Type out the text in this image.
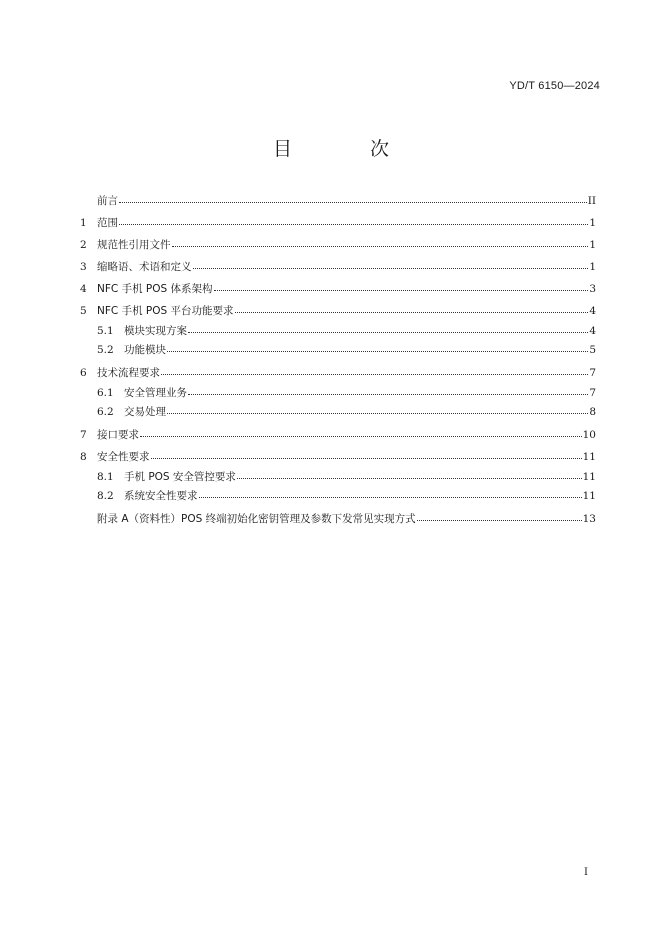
YD/T 6150—2024
目 次
前言	II
1 范围	1
2 规范性引用文件	1
3 缩略语、术语和定义	1
4 NFC 手机 POS 体系架构	3
5 NFC 手机 POS 平台功能要求	4
5.1 模块实现方案	4
5.2 功能模块	5
6 技术流程要求	7
6.1 安全管理业务	7
6.2 交易处理	8
7 接口要求	10
8 安全性要求	11
8.1 手机 POS 安全管控要求	11
8.2 系统安全性要求	11
附录 A（资料性）POS 终端初始化密钥管理及参数下发常见实现方式	13
I
